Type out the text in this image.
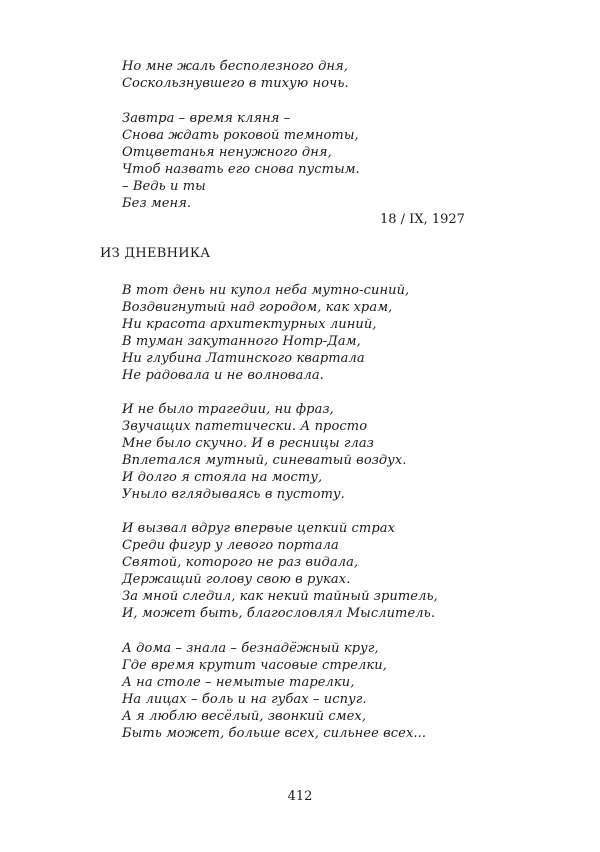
Но мне жаль бесполезного дня,
Соскользнувшего в тихую ночь.
Завтра – время кляня –
Снова ждать роковой темноты,
Отцветанья ненужного дня,
Чтоб назвать его снова пустым.
– Ведь и ты
Без меня.
18 / IX, 1927
ИЗ ДНЕВНИКА
В тот день ни купол неба мутно-синий,
Воздвигнутый над городом, как храм,
Ни красота архитектурных линий,
В туман закутанного Нотр-Дам,
Ни глубина Латинского квартала
Не радовала и не волновала.
И не было трагедии, ни фраз,
Звучащих патетически. А просто
Мне было скучно. И в ресницы глаз
Вплетался мутный, синеватый воздух.
И долго я стояла на мосту,
Уныло вглядываясь в пустоту.
И вызвал вдруг впервые цепкий страх
Среди фигур у левого портала
Святой, которого не раз видала,
Держащий голову свою в руках.
За мной следил, как некий тайный зритель,
И, может быть, благословлял Мыслитель.
А дома – знала – безнадёжный круг,
Где время крутит часовые стрелки,
А на столе – немытые тарелки,
На лицах – боль и на губах – испуг.
А я люблю весёлый, звонкий смех,
Быть может, больше всех, сильнее всех...
412
